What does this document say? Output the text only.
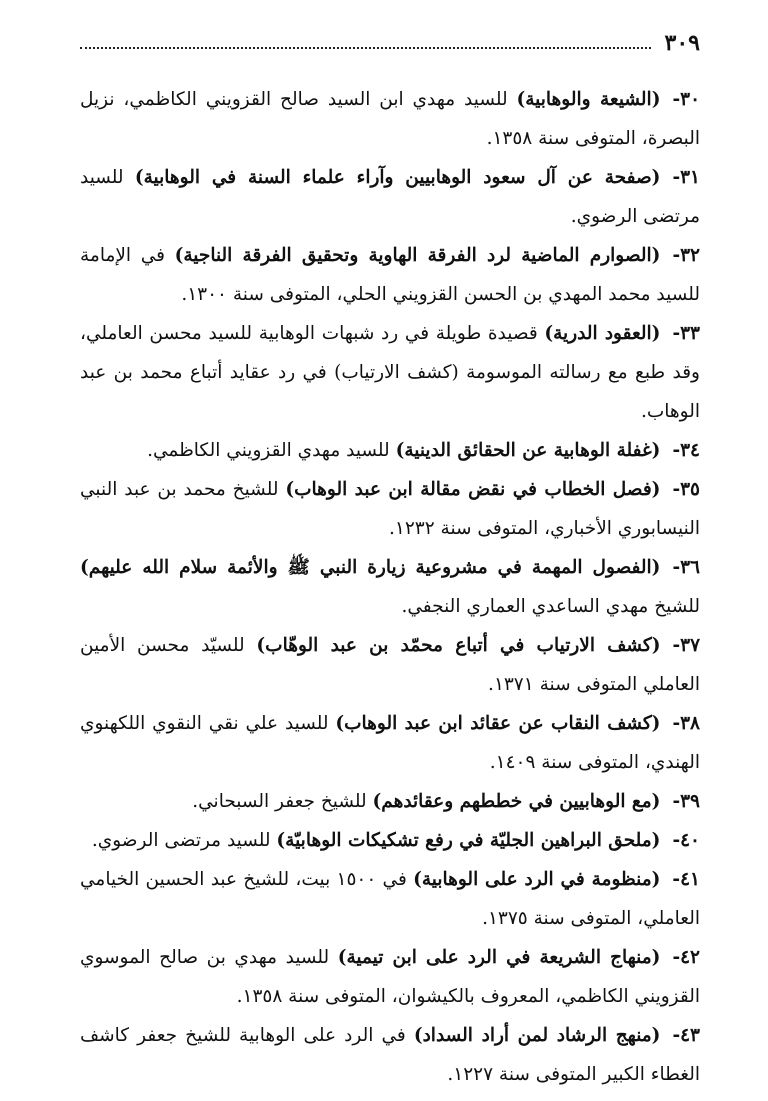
٣٠٩

٣٠-(الشيعة والوهابية) للسيد مهدي ابن السيد صالح القزويني الكاظمي، نزيل البصرة، المتوفى سنة ١٣٥٨.

٣١-(صفحة عن آل سعود الوهابيين وآراء علماء السنة في الوهابية) للسيد مرتضى الرضوي.

٣٢-(الصوارم الماضية لرد الفرقة الهاوية وتحقيق الفرقة الناجية) في الإمامة للسيد محمد المهدي بن الحسن القزويني الحلي، المتوفى سنة ١٣٠٠.

٣٣-(العقود الدرية) قصيدة طويلة في رد شبهات الوهابية للسيد محسن العاملي، وقد طبع مع رسالته الموسومة (كشف الارتياب) في رد عقايد أتباع محمد بن عبد الوهاب.

٣٤-(غفلة الوهابية عن الحقائق الدينية) للسيد مهدي القزويني الكاظمي.

٣٥-(فصل الخطاب في نقض مقالة ابن عبد الوهاب) للشيخ محمد بن عبد النبي النيسابوري الأخباري، المتوفى سنة ١٢٣٢.

٣٦-(الفصول المهمة في مشروعية زيارة النبي ﷺ والأئمة سلام الله عليهم) للشيخ مهدي الساعدي العماري النجفي.

٣٧-(كشف الارتياب في أتباع محمّد بن عبد الوهّاب) للسيّد محسن الأمين العاملي المتوفى سنة ١٣٧١.

٣٨-(كشف النقاب عن عقائد ابن عبد الوهاب) للسيد علي نقي النقوي اللكهنوي الهندي، المتوفى سنة ١٤٠٩.

٣٩-(مع الوهابيين في خططهم وعقائدهم) للشيخ جعفر السبحاني.

٤٠-(ملحق البراهين الجليّة في رفع تشكيكات الوهابيّة) للسيد مرتضى الرضوي.

٤١-(منظومة في الرد على الوهابية) في ١٥٠٠ بيت، للشيخ عبد الحسين الخيامي العاملي، المتوفى سنة ١٣٧٥.

٤٢-(منهاج الشريعة في الرد على ابن تيمية) للسيد مهدي بن صالح الموسوي القزويني الكاظمي، المعروف بالكيشوان، المتوفى سنة ١٣٥٨.

٤٣-(منهج الرشاد لمن أراد السداد) في الرد على الوهابية للشيخ جعفر كاشف الغطاء الكبير المتوفى سنة ١٢٢٧.
